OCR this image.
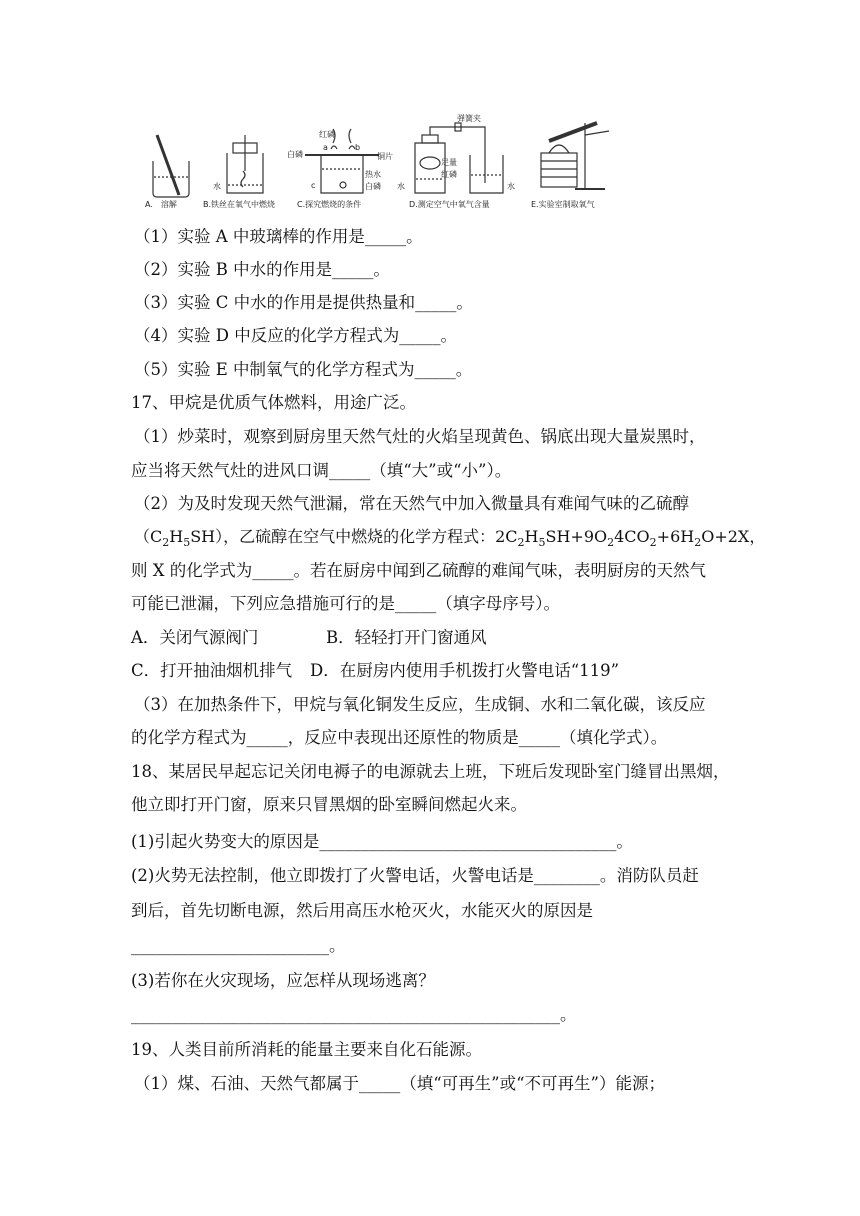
红磷
白磷
a	b
铜片
热水
c	白磷
水
弹簧夹
足量
红磷
水	水
A.　溶解	B.铁丝在氧气中燃烧	C.探究燃烧的条件	D.测定空气中氧气含量	E.实验室制取氧气
（1）实验 A 中玻璃棒的作用是_____。
（2）实验 B 中水的作用是_____。
（3）实验 C 中水的作用是提供热量和_____。
（4）实验 D 中反应的化学方程式为_____。
（5）实验 E 中制氧气的化学方程式为_____。
17、甲烷是优质气体燃料，用途广泛。
（1）炒菜时，观察到厨房里天然气灶的火焰呈现黄色、锅底出现大量炭黑时，
应当将天然气灶的进风口调_____（填“大”或“小”）。
（2）为及时发现天然气泄漏，常在天然气中加入微量具有难闻气味的乙硫醇
$(C_2H_5SH)$，乙硫醇在空气中燃烧的化学方程式：$2C_2H_5SH+9O_24CO_2+6H_2O+2X$，
则 X 的化学式为_____。若在厨房中闻到乙硫醇的难闻气味，表明厨房的天然气
可能已泄漏，下列应急措施可行的是_____（填字母序号）。
A．关闭气源阀门	B．轻轻打开门窗通风
C．打开抽油烟机排气 D．在厨房内使用手机拨打火警电话“119”
（3）在加热条件下，甲烷与氧化铜发生反应，生成铜、水和二氧化碳，该反应
的化学方程式为_____，反应中表现出还原性的物质是_____（填化学式）。
18、某居民早起忘记关闭电褥子的电源就去上班，下班后发现卧室门缝冒出黑烟，
他立即打开门窗，原来只冒黑烟的卧室瞬间燃起火来。
(1)引起火势变大的原因是____________________________________。
(2)火势无法控制，他立即拨打了火警电话，火警电话是________。消防队员赶
到后，首先切断电源，然后用高压水枪灭火，水能灭火的原因是
________________________。
(3)若你在火灾现场，应怎样从现场逃离？
____________________________________________________。
19、人类目前所消耗的能量主要来自化石能源。
（1）煤、石油、天然气都属于_____（填“可再生”或“不可再生”）能源；
